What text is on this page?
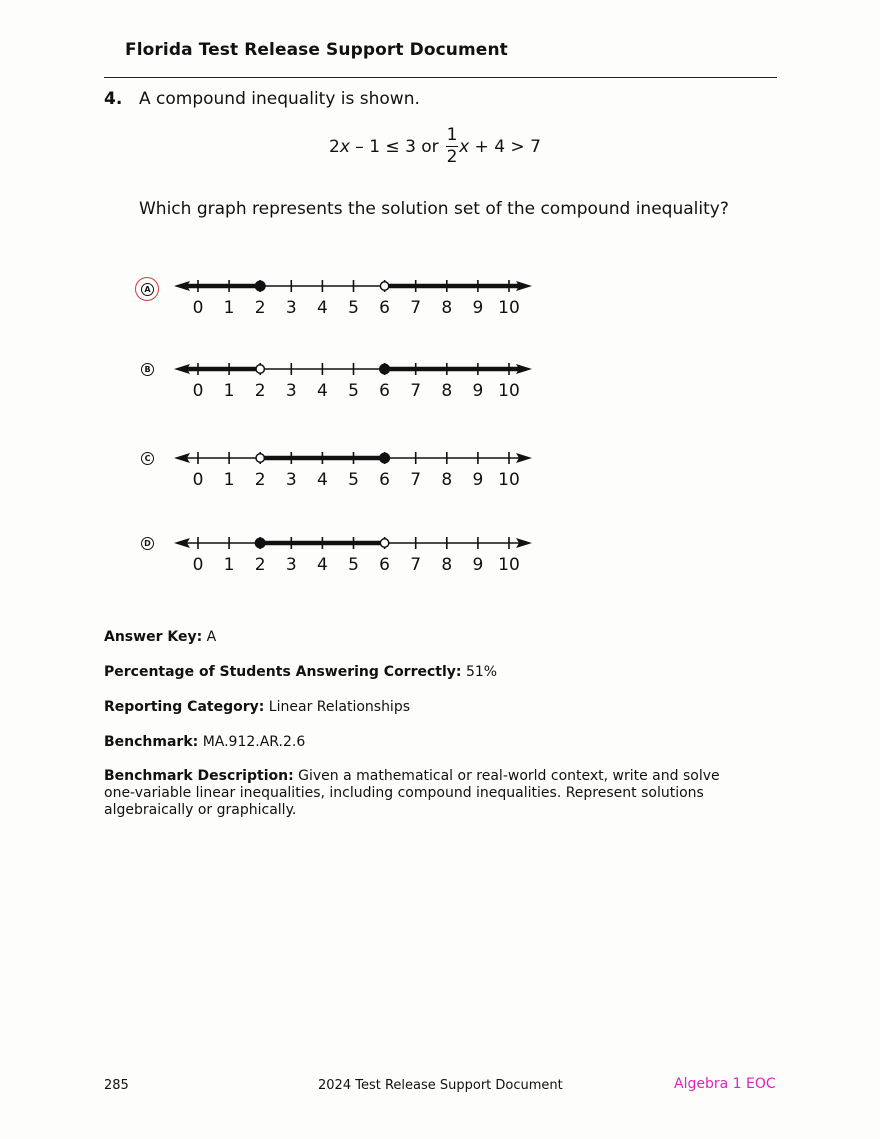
Florida Test Release Support Document
4. A compound inequality is shown.
2 x – 1 ≤ 3 or $\frac{1}{2}$ x + 4 > 7
Which graph represents the solution set of the compound inequality?
A
0 1 2 3 4 5 6 7 8 9 10
B
0 1 2 3 4 5 6 7 8 9 10
C
0 1 2 3 4 5 6 7 8 9 10
D
0 1 2 3 4 5 6 7 8 9 10
Answer Key: A
Percentage of Students Answering Correctly: 51%
Reporting Category: Linear Relationships
Benchmark: MA.912.AR.2.6
Benchmark Description: Given a mathematical or real-world context, write and solve one-variable linear inequalities, including compound inequalities. Represent solutions algebraically or graphically.
285	2024 Test Release Support Document	Algebra 1 EOC
